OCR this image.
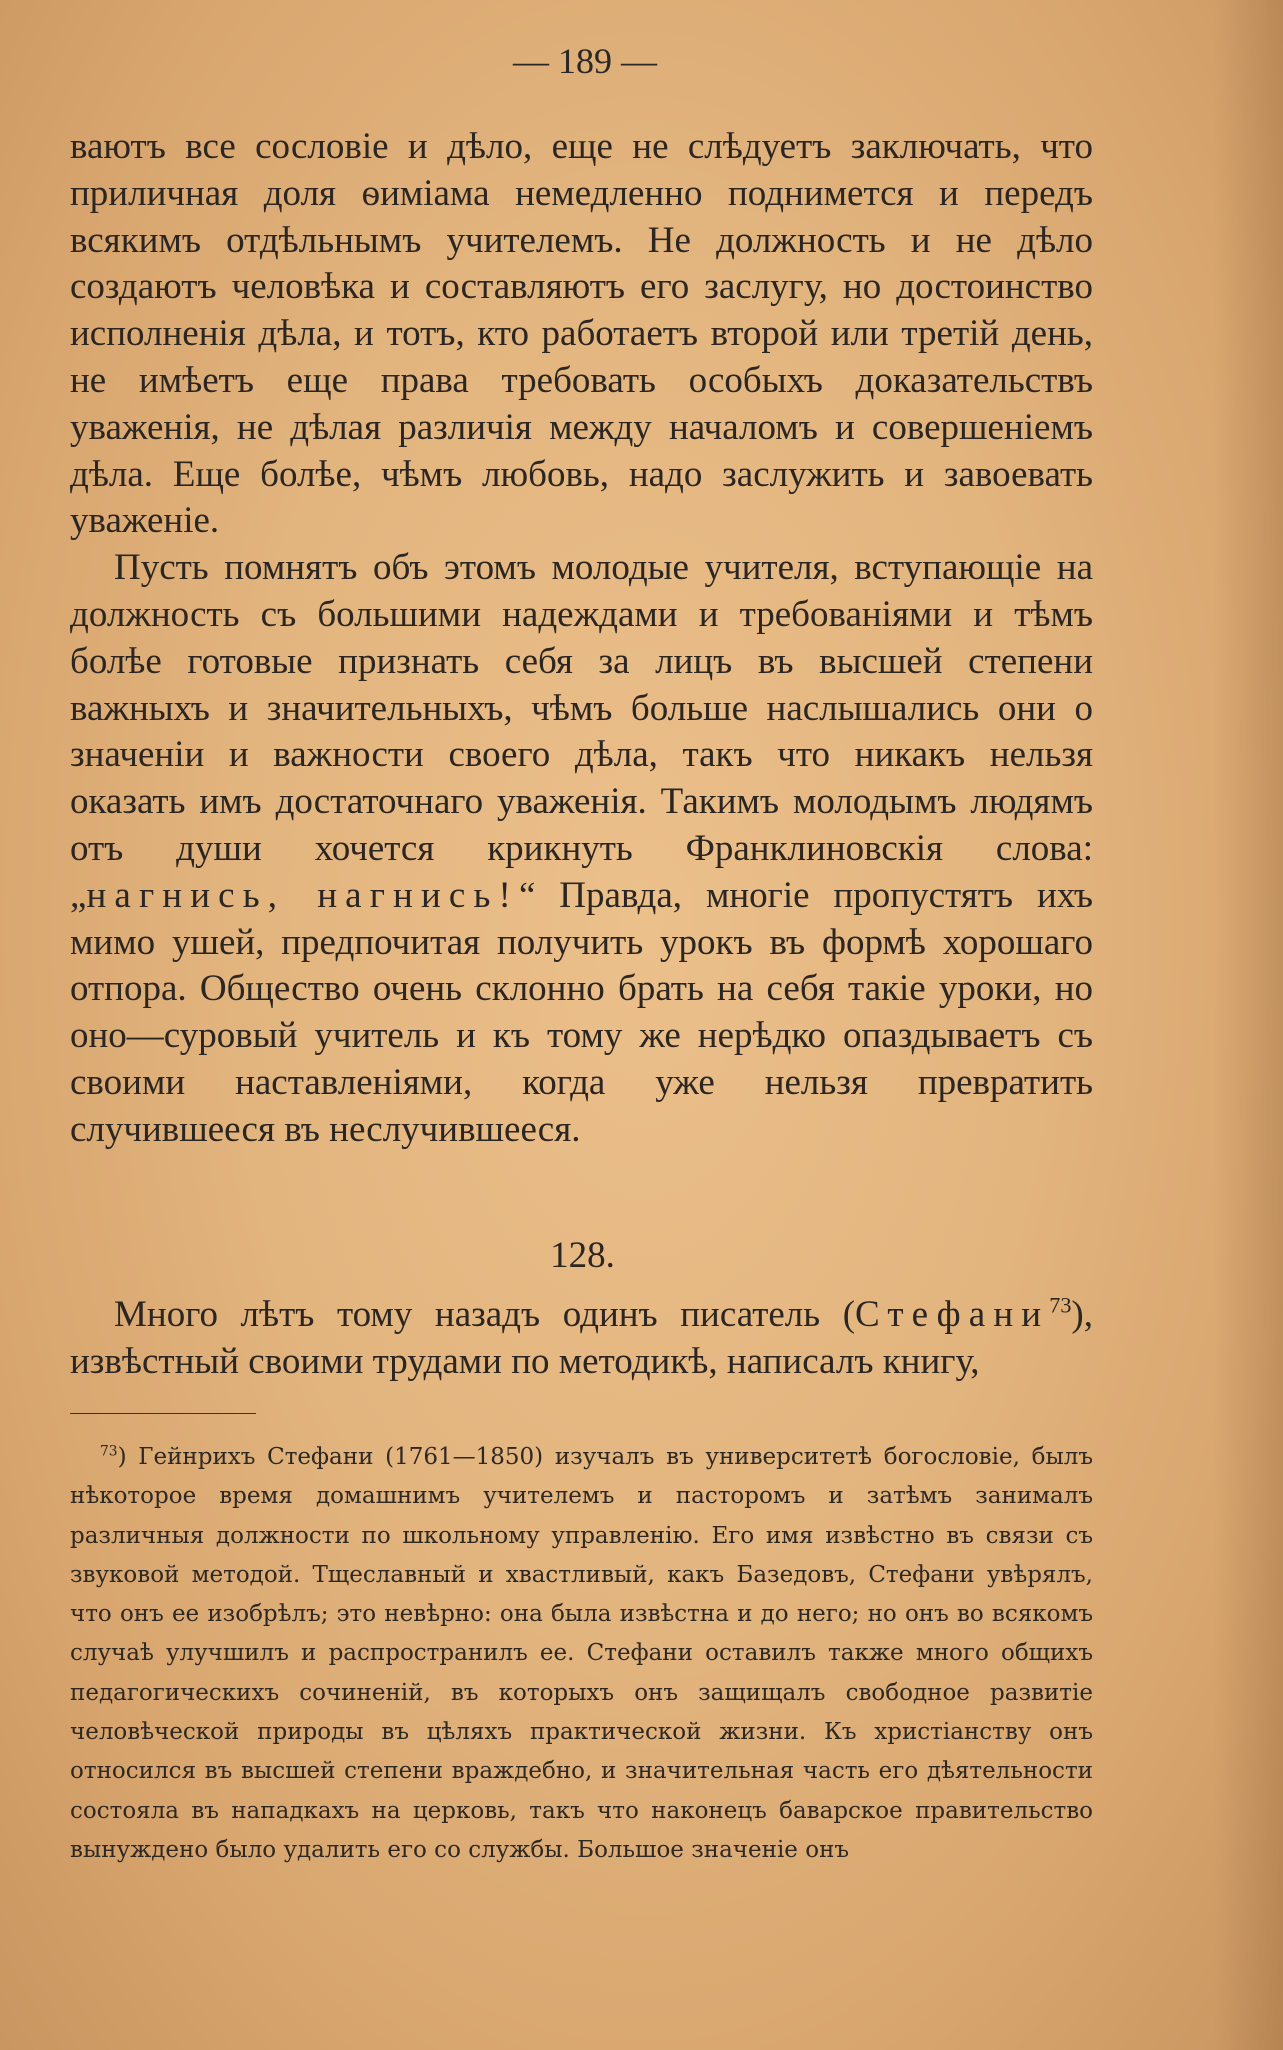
— 189 —

ваютъ все сословіе и дѣло, еще не слѣдуетъ заключать, что приличная доля ѳиміама немедленно поднимется и передъ всякимъ отдѣльнымъ учителемъ. Не должность и не дѣло создаютъ человѣка и составляютъ его заслугу, но достоинство исполненія дѣла, и тотъ, кто работаетъ второй или третій день, не имѣетъ еще права требовать особыхъ доказательствъ уваженія, не дѣлая различія между началомъ и совершеніемъ дѣла. Еще болѣе, чѣмъ любовь, надо заслужить и завоевать уваженіе.

Пусть помнятъ объ этомъ молодые учителя, вступающіе на должность съ большими надеждами и требованіями и тѣмъ болѣе готовые признать себя за лицъ въ высшей степени важныхъ и значительныхъ, чѣмъ больше наслышались они о значеніи и важности своего дѣла, такъ что никакъ нельзя оказать имъ достаточнаго уваженія. Такимъ молодымъ людямъ отъ души хочется крикнуть Франклиновскія слова: „нагнись, нагнись!“ Правда, многіе пропустятъ ихъ мимо ушей, предпочитая получить урокъ въ формѣ хорошаго отпора. Общество очень склонно брать на себя такіе уроки, но оно—суровый учитель и къ тому же нерѣдко опаздываетъ съ своими наставленіями, когда уже нельзя превратить случившееся въ неслучившееся.

128.

Много лѣтъ тому назадъ одинъ писатель (Стефани$^{73}$), извѣстный своими трудами по методикѣ, написалъ книгу,

$^{73}$) Гейнрихъ Стефани (1761—1850) изучалъ въ университетѣ богословіе, былъ нѣкоторое время домашнимъ учителемъ и пасторомъ и затѣмъ занималъ различныя должности по школьному управленію. Его имя извѣстно въ связи съ звуковой методой. Тщеславный и хвастливый, какъ Базедовъ, Стефани увѣрялъ, что онъ ее изобрѣлъ; это невѣрно: она была извѣстна и до него; но онъ во всякомъ случаѣ улучшилъ и распространилъ ее. Стефани оставилъ также много общихъ педагогическихъ сочиненій, въ которыхъ онъ защищалъ свободное развитіе человѣческой природы въ цѣляхъ практической жизни. Къ христіанству онъ относился въ высшей степени враждебно, и значительная часть его дѣятельности состояла въ нападкахъ на церковь, такъ что наконецъ баварское правительство вынуждено было удалить его со службы. Большое значеніе онъ
